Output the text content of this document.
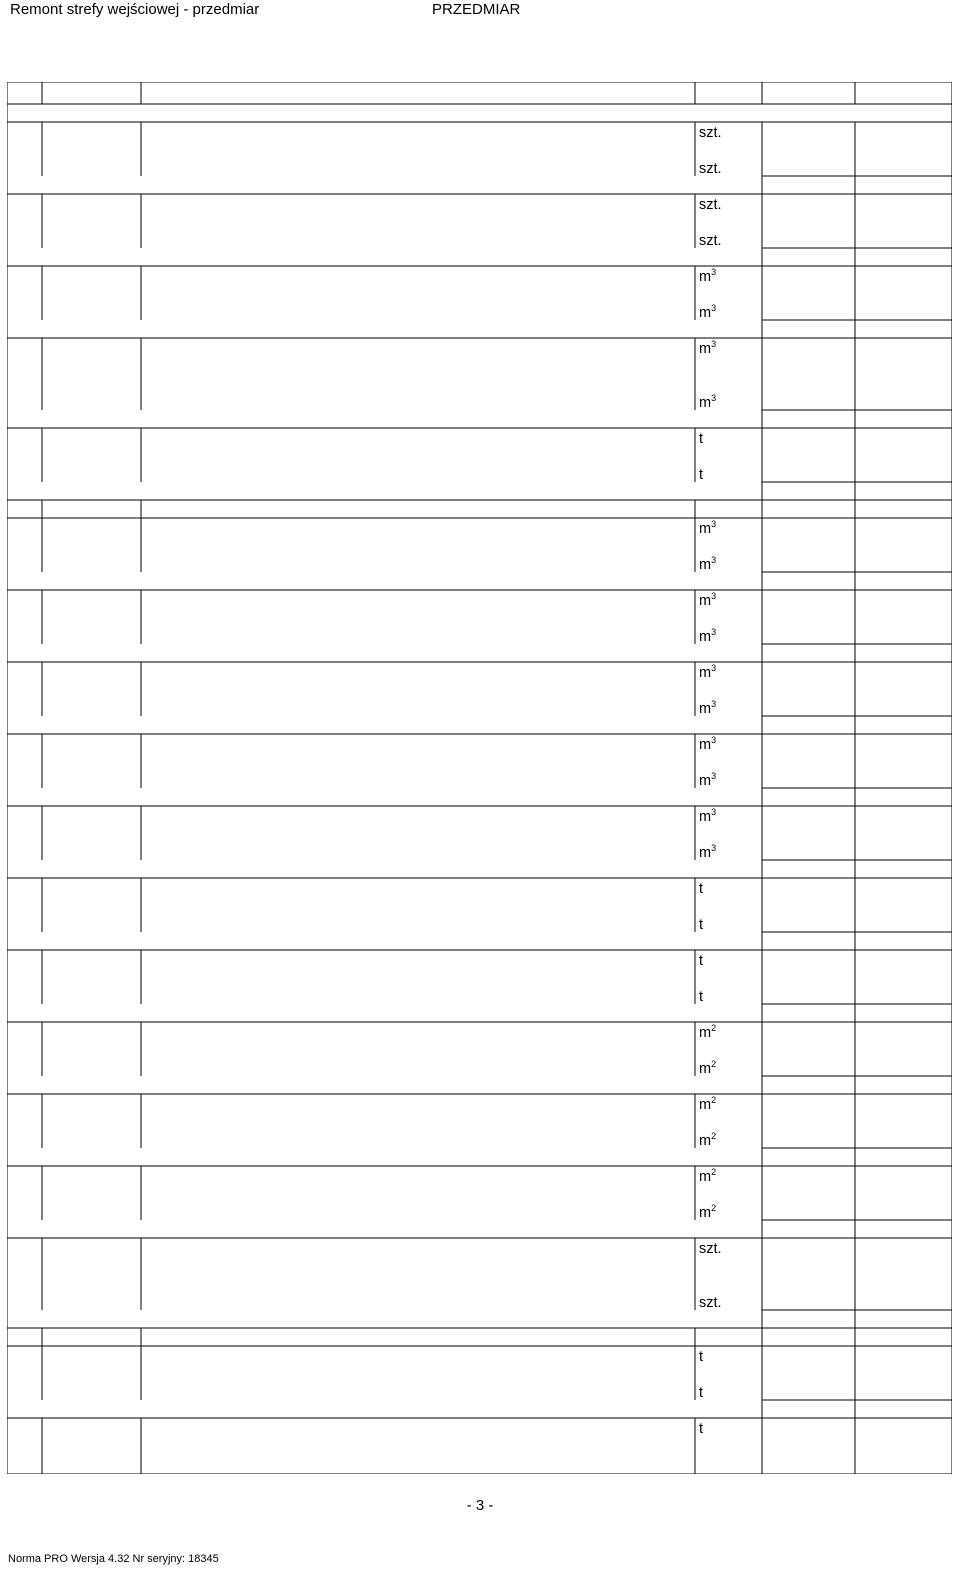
Remont strefy wejściowej - przedmiar	PRZEDMIAR
szt.
szt.
szt.
szt.
$m^3$
$m^3$
$m^3$
$m^3$
t
t
$m^3$
$m^3$
$m^3$
$m^3$
$m^3$
$m^3$
$m^3$
$m^3$
$m^3$
$m^3$
t
t
t
t
$m^2$
$m^2$
$m^2$
$m^2$
$m^2$
$m^2$
szt.
szt.
t
t
t
- 3 -
Norma PRO Wersja 4.32 Nr seryjny: 18345
